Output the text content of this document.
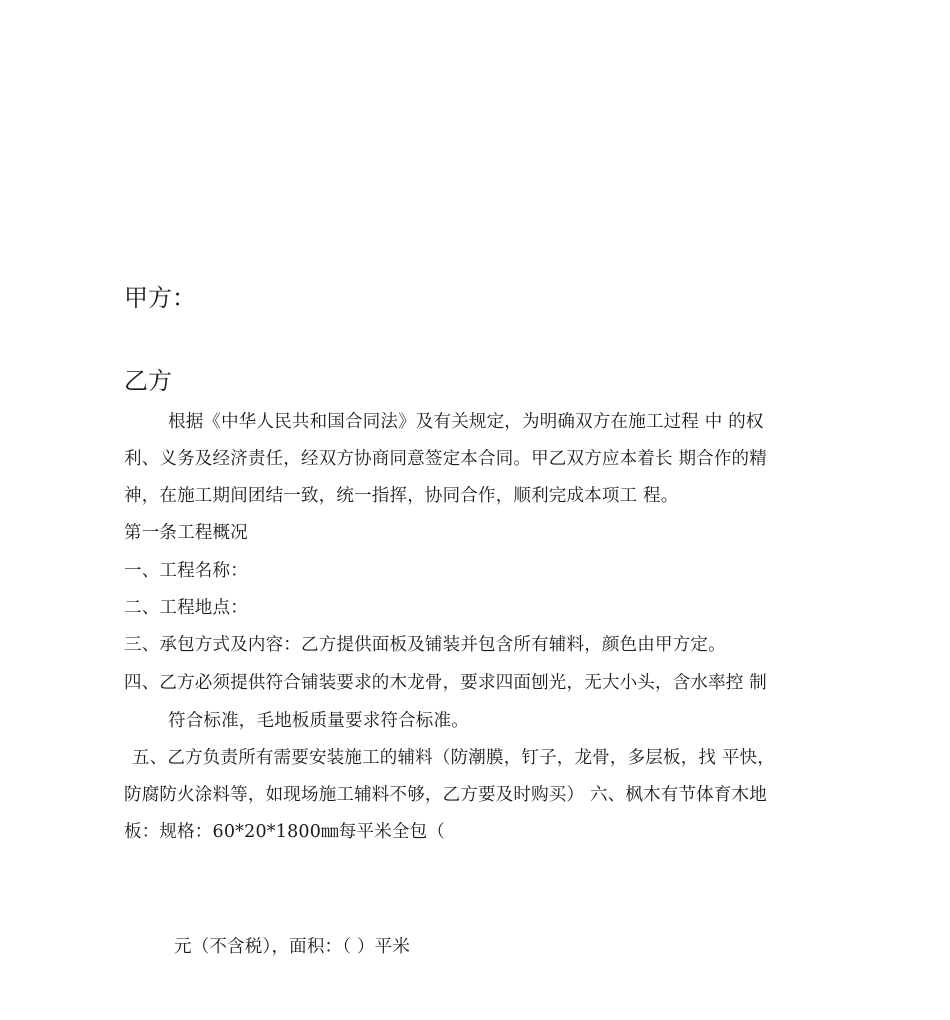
甲方：
乙方
根据《中华人民共和国合同法》及有关规定，为明确双方在施工过程 中 的权
利、义务及经济责任，经双方协商同意签定本合同。甲乙双方应本着长 期合作的精
神，在施工期间团结一致，统一指挥，协同合作，顺利完成本项工 程。
第一条工程概况
一、工程名称：
二、工程地点：
三、承包方式及内容：乙方提供面板及铺装并包含所有辅料，颜色由甲方定。
四、乙方必须提供符合铺装要求的木龙骨，要求四面刨光，无大小头，含水率控 制
符合标准，毛地板质量要求符合标准。
五、乙方负责所有需要安装施工的辅料（防潮膜，钉子，龙骨，多层板，找 平快，
防腐防火涂料等，如现场施工辅料不够，乙方要及时购买） 六、枫木有节体育木地
板：规格：60*20*1800㎜每平米全包（
元（不含税），面积：（ ）平米
